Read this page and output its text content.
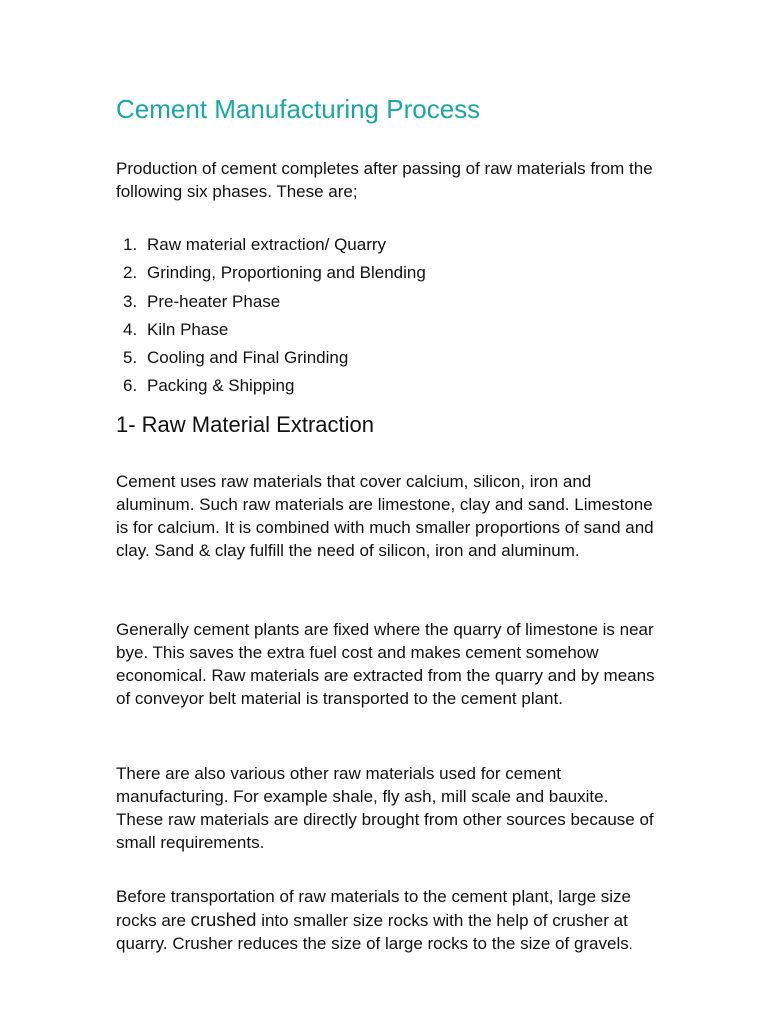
Cement Manufacturing Process

Production of cement completes after passing of raw materials from the following six phases. These are;

1. Raw material extraction/ Quarry
2. Grinding, Proportioning and Blending
3. Pre-heater Phase
4. Kiln Phase
5. Cooling and Final Grinding
6. Packing & Shipping
1- Raw Material Extraction

Cement uses raw materials that cover calcium, silicon, iron and aluminum. Such raw materials are limestone, clay and sand. Limestone is for calcium. It is combined with much smaller proportions of sand and clay. Sand & clay fulfill the need of silicon, iron and aluminum.

Generally cement plants are fixed where the quarry of limestone is near bye. This saves the extra fuel cost and makes cement somehow economical. Raw materials are extracted from the quarry and by means of conveyor belt material is transported to the cement plant.

There are also various other raw materials used for cement manufacturing. For example shale, fly ash, mill scale and bauxite. These raw materials are directly brought from other sources because of small requirements.

Before transportation of raw materials to the cement plant, large size rocks are crushed into smaller size rocks with the help of crusher at quarry. Crusher reduces the size of large rocks to the size of gravels.
